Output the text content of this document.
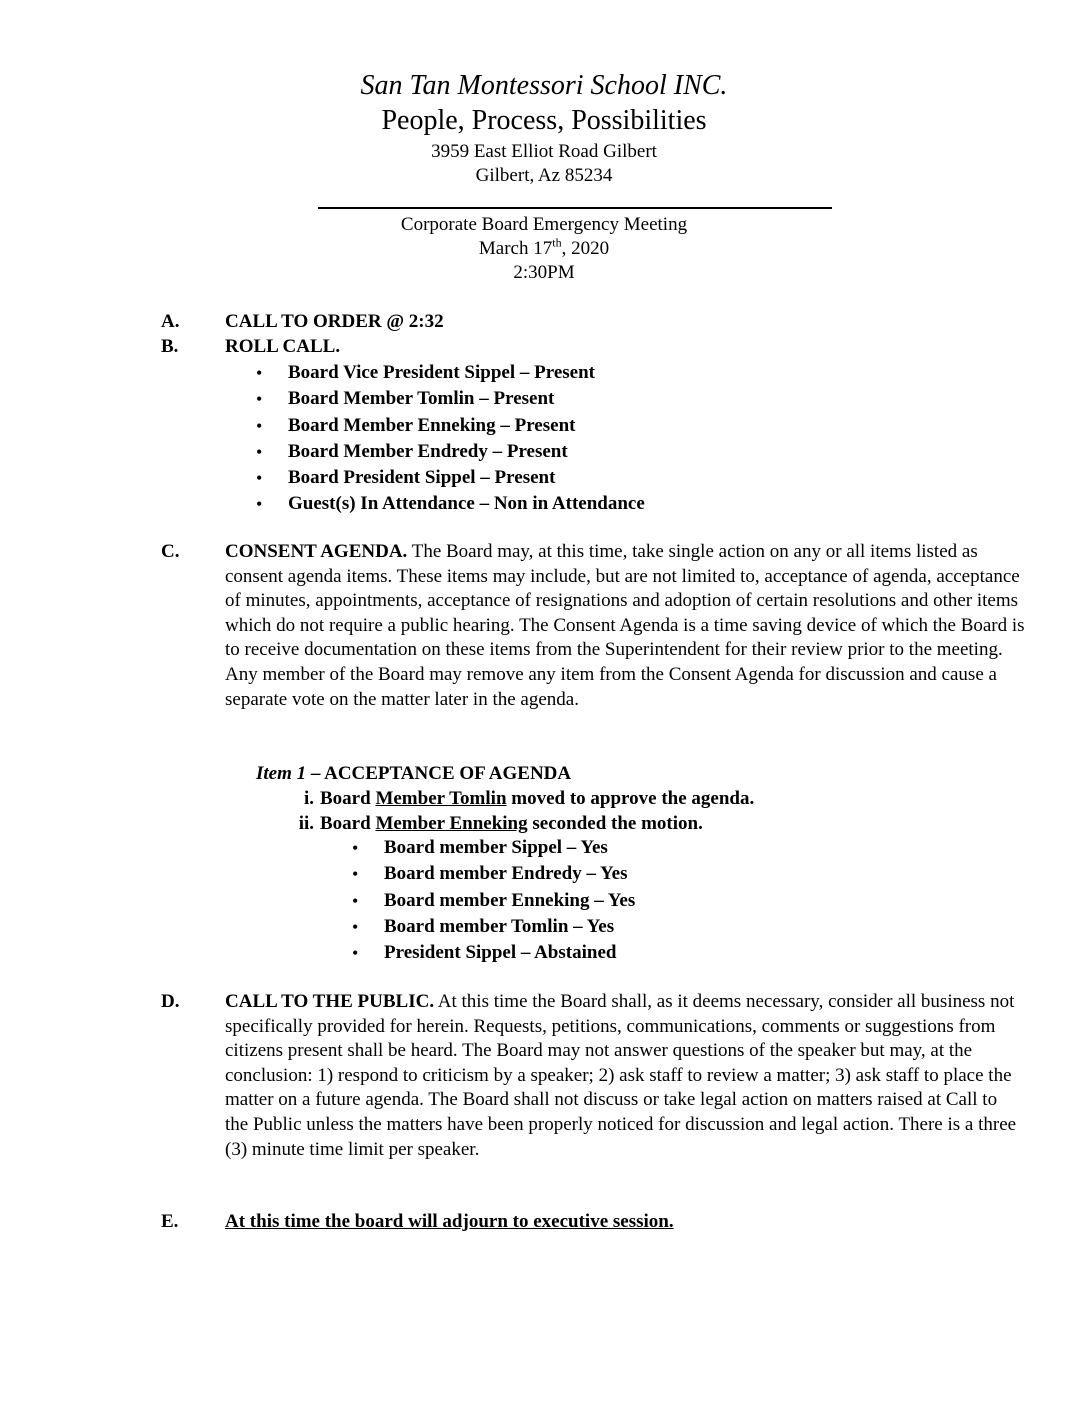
San Tan Montessori School INC.
People, Process, Possibilities
3959 East Elliot Road Gilbert
Gilbert, Az 85234
Corporate Board Emergency Meeting
March 17th, 2020
2:30PM
A. CALL TO ORDER @ 2:32
B. ROLL CALL.
• Board Vice President Sippel – Present
• Board Member Tomlin – Present
• Board Member Enneking – Present
• Board Member Endredy – Present
• Board President Sippel – Present
• Guest(s) In Attendance – Non in Attendance
C. CONSENT AGENDA. The Board may, at this time, take single action on any or all items listed as consent agenda items. These items may include, but are not limited to, acceptance of agenda, acceptance of minutes, appointments, acceptance of resignations and adoption of certain resolutions and other items which do not require a public hearing. The Consent Agenda is a time saving device of which the Board is to receive documentation on these items from the Superintendent for their review prior to the meeting. Any member of the Board may remove any item from the Consent Agenda for discussion and cause a separate vote on the matter later in the agenda.
Item 1 – ACCEPTANCE OF AGENDA
i. Board Member Tomlin moved to approve the agenda.
ii. Board Member Enneking seconded the motion.
• Board member Sippel – Yes
• Board member Endredy – Yes
• Board member Enneking – Yes
• Board member Tomlin – Yes
• President Sippel – Abstained
D. CALL TO THE PUBLIC. At this time the Board shall, as it deems necessary, consider all business not specifically provided for herein. Requests, petitions, communications, comments or suggestions from citizens present shall be heard. The Board may not answer questions of the speaker but may, at the conclusion: 1) respond to criticism by a speaker; 2) ask staff to review a matter; 3) ask staff to place the matter on a future agenda. The Board shall not discuss or take legal action on matters raised at Call to the Public unless the matters have been properly noticed for discussion and legal action. There is a three (3) minute time limit per speaker.
E. At this time the board will adjourn to executive session.
